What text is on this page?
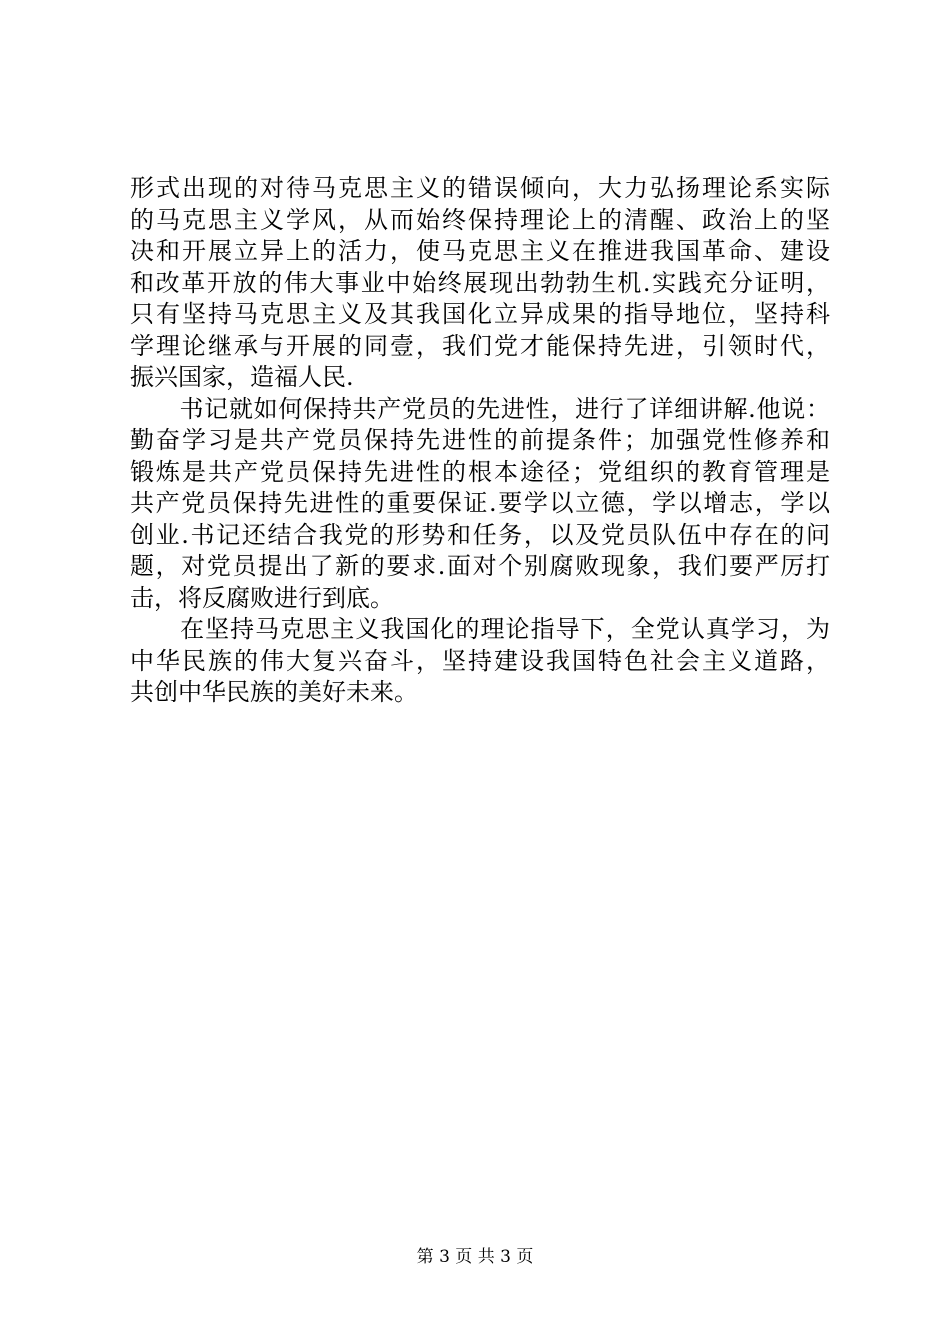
形式出现的对待马克思主义的错误倾向，大力弘扬理论系实际
的马克思主义学风，从而始终保持理论上的清醒、政治上的坚
决和开展立异上的活力，使马克思主义在推进我国革命、建设
和改革开放的伟大事业中始终展现出勃勃生机.实践充分证明，
只有坚持马克思主义及其我国化立异成果的指导地位，坚持科
学理论继承与开展的同壹，我们党才能保持先进，引领时代，
振兴国家，造福人民.
　　书记就如何保持共产党员的先进性，进行了详细讲解.他说：
勤奋学习是共产党员保持先进性的前提条件；加强党性修养和
锻炼是共产党员保持先进性的根本途径；党组织的教育管理是
共产党员保持先进性的重要保证.要学以立德，学以增志，学以
创业.书记还结合我党的形势和任务，以及党员队伍中存在的问
题，对党员提出了新的要求.面对个别腐败现象，我们要严厉打
击，将反腐败进行到底。
　　在坚持马克思主义我国化的理论指导下，全党认真学习，为
中华民族的伟大复兴奋斗，坚持建设我国特色社会主义道路，
共创中华民族的美好未来。
第 3 页 共 3 页
